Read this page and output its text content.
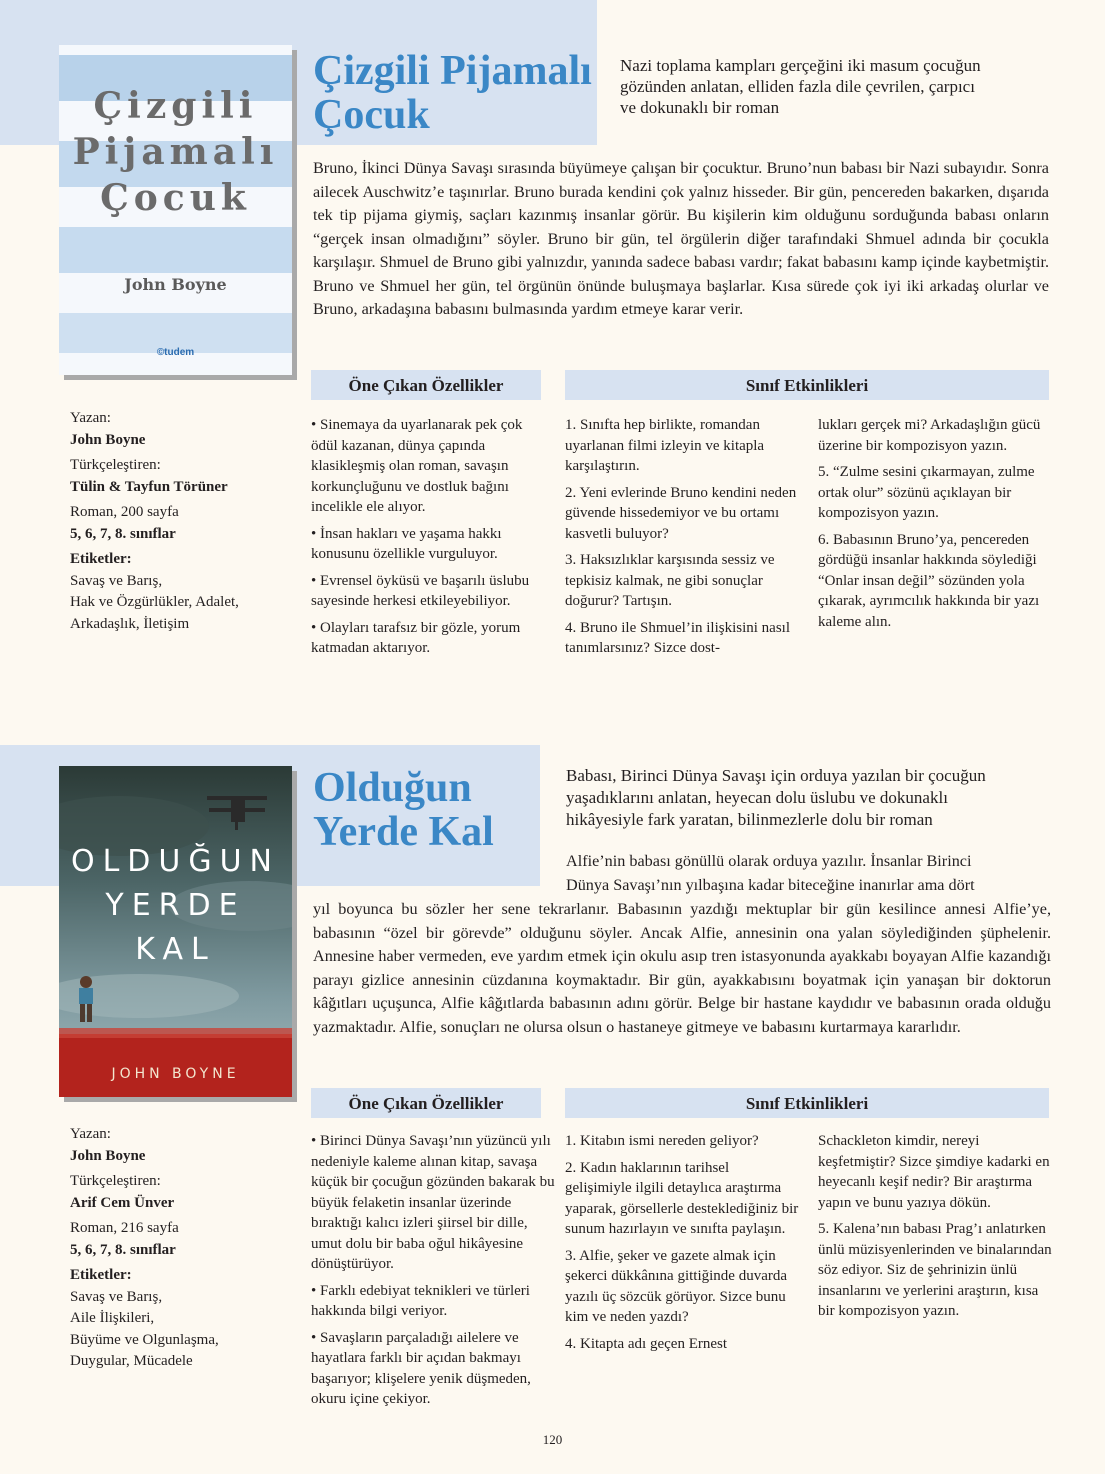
Çizgili
Pijamalı
Çocuk
John Boyne
©tudem
Çizgili Pijamalı
Çocuk
Nazi toplama kampları gerçeğini iki masum çocuğun
gözünden anlatan, elliden fazla dile çevrilen, çarpıcı
ve dokunaklı bir roman
Bruno, İkinci Dünya Savaşı sırasında büyümeye çalışan bir çocuktur. Bruno’nun babası bir Nazi subayıdır. Sonra ailecek Auschwitz’e taşınırlar. Bruno burada kendini çok yalnız hisseder. Bir gün, pencereden bakarken, dışarıda tek tip pijama giymiş, saçları kazınmış insanlar görür. Bu kişilerin kim olduğunu sorduğunda babası onların “gerçek insan olmadığını” söyler. Bruno bir gün, tel örgülerin diğer tarafındaki Shmuel adında bir çocukla karşılaşır. Shmuel de Bruno gibi yalnızdır, yanında sadece babası vardır; fakat babasını kamp içinde kaybetmiştir. Bruno ve Shmuel her gün, tel örgünün önünde buluşmaya başlarlar. Kısa sürede çok iyi iki arkadaş olurlar ve Bruno, arkadaşına babasını bulmasında yardım etmeye karar verir.
Yazan:
John Boyne
Türkçeleştiren:
Tülin & Tayfun Törüner
Roman, 200 sayfa
5, 6, 7, 8. sınıflar
Etiketler:
Savaş ve Barış,
Hak ve Özgürlükler, Adalet,
Arkadaşlık, İletişim
Öne Çıkan Özellikler	Sınıf Etkinlikleri

• Sinemaya da uyarlanarak pek çok ödül kazanan, dünya çapında klasikleşmiş olan roman, savaşın korkunçluğunu ve dostluk bağını incelikle ele alıyor.

• İnsan hakları ve yaşama hakkı konusunu özellikle vurguluyor.

• Evrensel öyküsü ve başarılı üslubu sayesinde herkesi etkileyebiliyor.

• Olayları tarafsız bir gözle, yorum katmadan aktarıyor.

1. Sınıfta hep birlikte, romandan uyarlanan filmi izleyin ve kitapla karşılaştırın.

2. Yeni evlerinde Bruno kendini neden güvende hissedemiyor ve bu ortamı kasvetli buluyor?

3. Haksızlıklar karşısında sessiz ve tepkisiz kalmak, ne gibi sonuçlar doğurur? Tartışın.

4. Bruno ile Shmuel’in ilişkisini nasıl tanımlarsınız? Sizce dost-

lukları gerçek mi? Arkadaşlığın gücü üzerine bir kompozisyon yazın.

5. “Zulme sesini çıkarmayan, zulme ortak olur” sözünü açıklayan bir kompozisyon yazın.

6. Babasının Bruno’ya, pencereden gördüğü insanlar hakkında söylediği “Onlar insan değil” sözünden yola çıkarak, ayrımcılık hakkında bir yazı kaleme alın.

OLDUĞUN
YERDE
KAL
JOHN BOYNE
Olduğun
Yerde Kal
Babası, Birinci Dünya Savaşı için orduya yazılan bir çocuğun
yaşadıklarını anlatan, heyecan dolu üslubu ve dokunaklı
hikâyesiyle fark yaratan, bilinmezlerle dolu bir roman
Alfie’nin babası gönüllü olarak orduya yazılır. İnsanlar Birinci
Dünya Savaşı’nın yılbaşına kadar biteceğine inanırlar ama dört
yıl boyunca bu sözler her sene tekrarlanır. Babasının yazdığı mektuplar bir gün kesilince annesi Alfie’ye, babasının “özel bir görevde” olduğunu söyler. Ancak Alfie, annesinin ona yalan söylediğinden şüphelenir. Annesine haber vermeden, eve yardım etmek için okulu asıp tren istasyonunda ayakkabı boyayan Alfie kazandığı parayı gizlice annesinin cüzdanına koymaktadır. Bir gün, ayakkabısını boyatmak için yanaşan bir doktorun kâğıtları uçuşunca, Alfie kâğıtlarda babasının adını görür. Belge bir hastane kaydıdır ve babasının orada olduğu yazmaktadır. Alfie, sonuçları ne olursa olsun o hastaneye gitmeye ve babasını kurtarmaya kararlıdır.
Yazan:
John Boyne
Türkçeleştiren:
Arif Cem Ünver
Roman, 216 sayfa
5, 6, 7, 8. sınıflar
Etiketler:
Savaş ve Barış,
Aile İlişkileri,
Büyüme ve Olgunlaşma,
Duygular, Mücadele
Öne Çıkan Özellikler	Sınıf Etkinlikleri

• Birinci Dünya Savaşı’nın yüzüncü yılı nedeniyle kaleme alınan kitap, savaşa küçük bir çocuğun gözünden bakarak bu büyük felaketin insanlar üzerinde bıraktığı kalıcı izleri şiirsel bir dille, umut dolu bir baba oğul hikâyesine dönüştürüyor.

• Farklı edebiyat teknikleri ve türleri hakkında bilgi veriyor.

• Savaşların parçaladığı ailelere ve hayatlara farklı bir açıdan bakmayı başarıyor; klişelere yenik düşmeden, okuru içine çekiyor.

1. Kitabın ismi nereden geliyor?

2. Kadın haklarının tarihsel gelişimiyle ilgili detaylıca araştırma yaparak, görsellerle desteklediğiniz bir sunum hazırlayın ve sınıfta paylaşın.

3. Alfie, şeker ve gazete almak için şekerci dükkânına gittiğinde duvarda yazılı üç sözcük görüyor. Sizce bunu kim ve neden yazdı?

4. Kitapta adı geçen Ernest

Schackleton kimdir, nereyi keşfetmiştir? Sizce şimdiye kadarki en heyecanlı keşif nedir? Bir araştırma yapın ve bunu yazıya dökün.

5. Kalena’nın babası Prag’ı anlatırken ünlü müzisyenlerinden ve binalarından söz ediyor. Siz de şehrinizin ünlü insanlarını ve yerlerini araştırın, kısa bir kompozisyon yazın.

120
